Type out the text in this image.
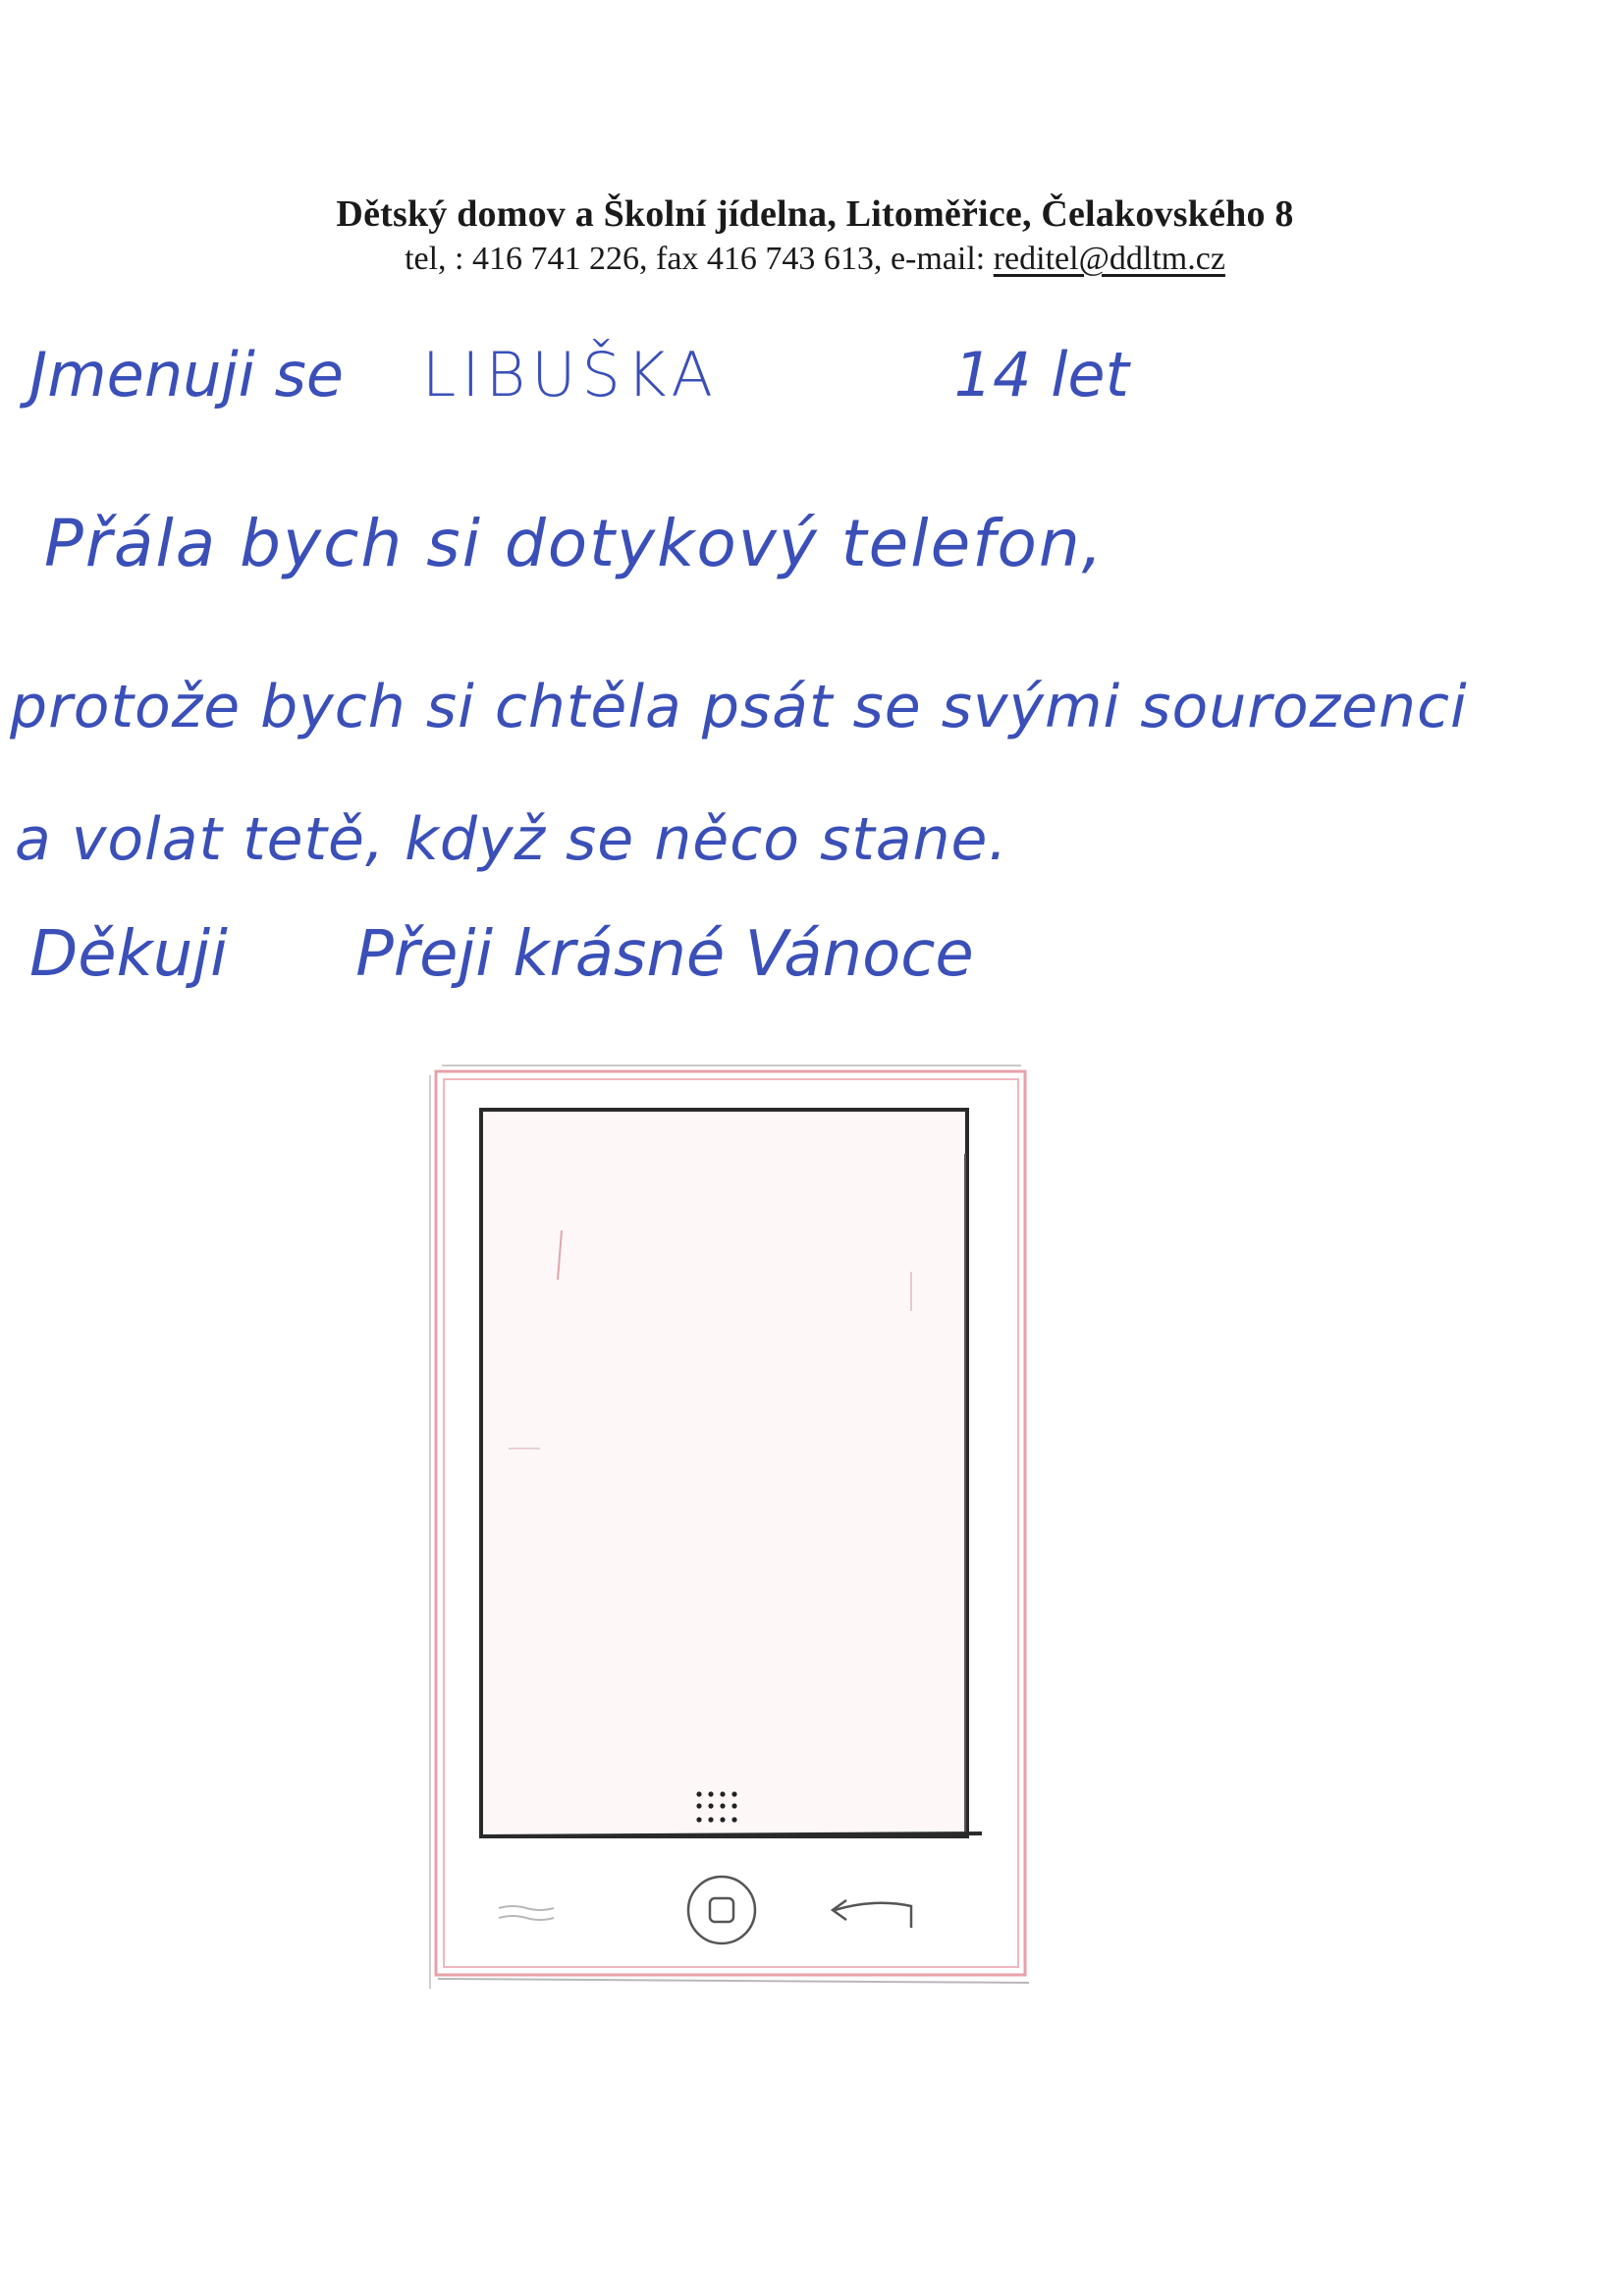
Dětský domov a Školní jídelna, Litoměřice, Čelakovského 8
tel, : 416 741 226, fax 416 743 613, e-mail: reditel@ddltm.cz
Jmenuji se LIBUŠKA	14 let
Přála bych si dotykový telefon,
protože bych si chtěla psát se svými sourozenci
a volat tetě, když se něco stane.
Děkuji Přeji krásné Vánoce
